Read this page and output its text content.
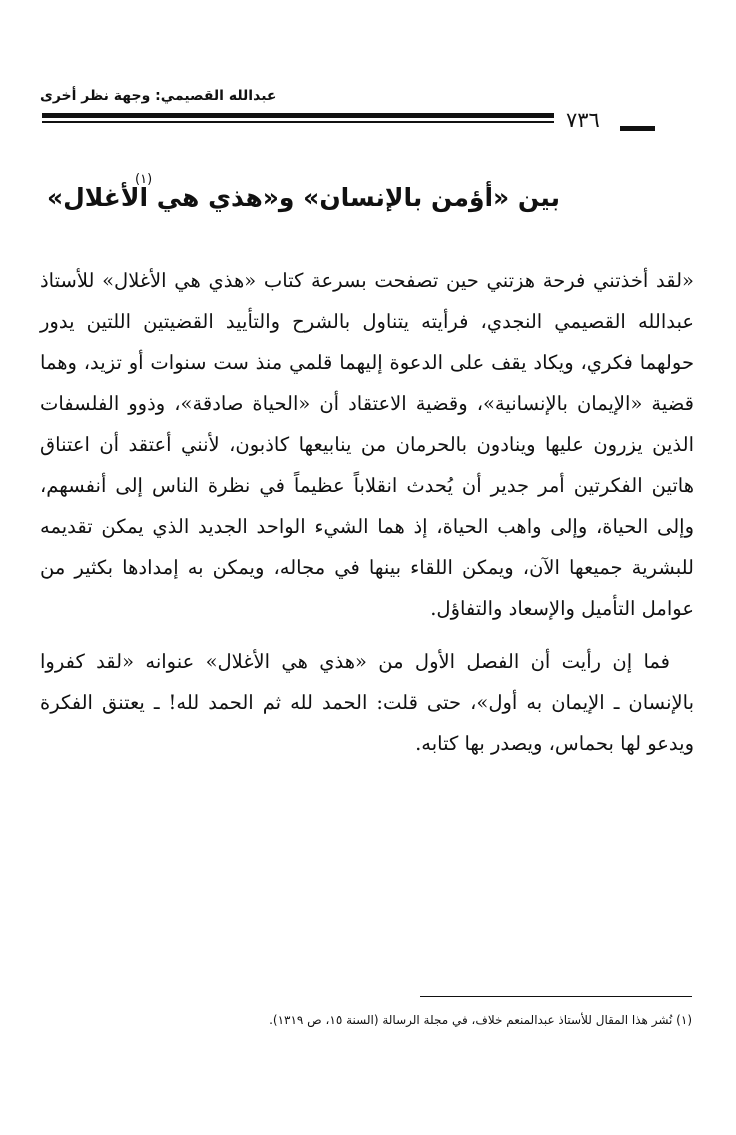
عبدالله القصيمي: وجهة نظر أخرى
٧٣٦
(١)
بين «أؤمن بالإنسان» و«هذي هي الأغلال»

«لقد أخذتني فرحة هزتني حين تصفحت بسرعة كتاب «هذي هي الأغلال» للأستاذ عبدالله القصيمي النجدي، فرأيته يتناول بالشرح والتأييد القضيتين اللتين يدور حولهما فكري، ويكاد يقف على الدعوة إليهما قلمي منذ ست سنوات أو تزيد، وهما قضية «الإيمان بالإنسانية»، وقضية الاعتقاد أن «الحياة صادقة»، وذوو الفلسفات الذين يزرون عليها وينادون بالحرمان من ينابيعها كاذبون، لأنني أعتقد أن اعتناق هاتين الفكرتين أمر جدير أن يُحدث انقلاباً عظيماً في نظرة الناس إلى أنفسهم، وإلى الحياة، وإلى واهب الحياة، إذ هما الشيء الواحد الجديد الذي يمكن تقديمه للبشرية جميعها الآن، ويمكن اللقاء بينها في مجاله، ويمكن به إمدادها بكثير من عوامل التأميل والإسعاد والتفاؤل.

فما إن رأيت أن الفصل الأول من «هذي هي الأغلال» عنوانه «لقد كفروا بالإنسان ـ الإيمان به أول»، حتى قلت: الحمد لله ثم الحمد لله! ـ يعتنق الفكرة ويدعو لها بحماس، ويصدر بها كتابه.

(١) نُشر هذا المقال للأستاذ عبدالمنعم خلاف، في مجلة الرسالة (السنة ١٥، ص ١٣١٩).
